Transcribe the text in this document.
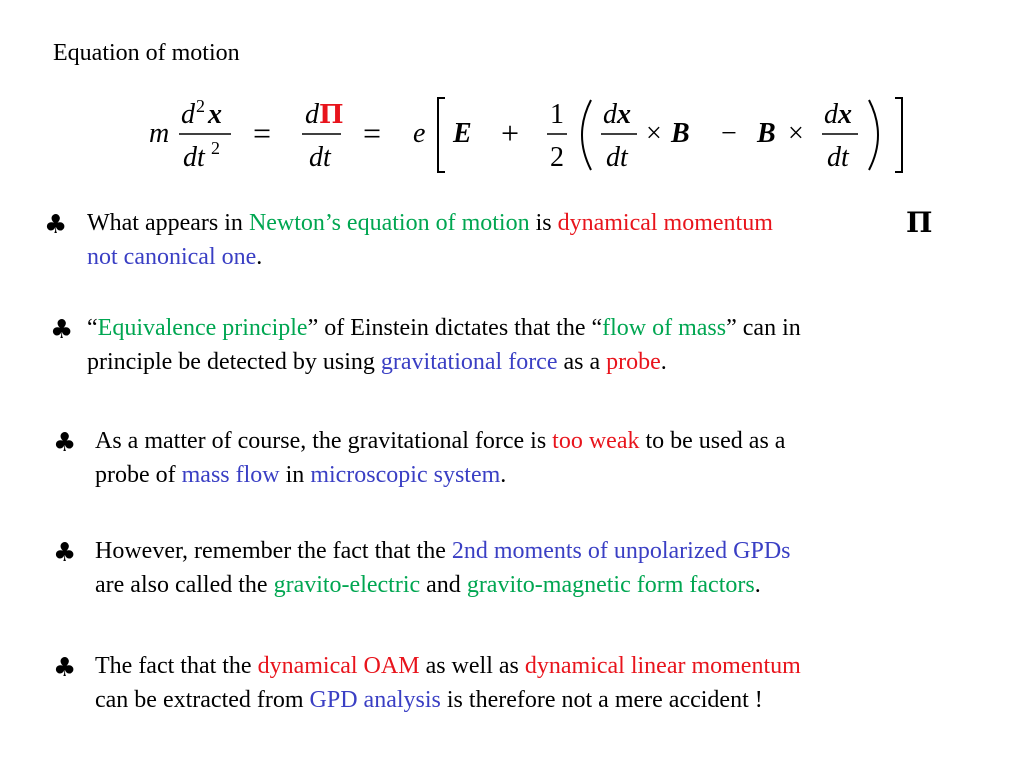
Equation of motion
m
d 2 x
dt 2 =
d Π
dt
= e E +
1
2
d x
dt
× B − B ×
d x
dt
♣ What appears in Newton’s equation of motion is dynamical momentum	Π
not canonical one.
♣ “Equivalence principle” of Einstein dictates that the “flow of mass” can in
principle be detected by using gravitational force as a probe.
♣ As a matter of course, the gravitational force is too weak to be used as a
probe of mass flow in microscopic system.
♣ However, remember the fact that the 2nd moments of unpolarized GPDs
are also called the gravito-electric and gravito-magnetic form factors.
♣ The fact that the dynamical OAM as well as dynamical linear momentum
can be extracted from GPD analysis is therefore not a mere accident !
